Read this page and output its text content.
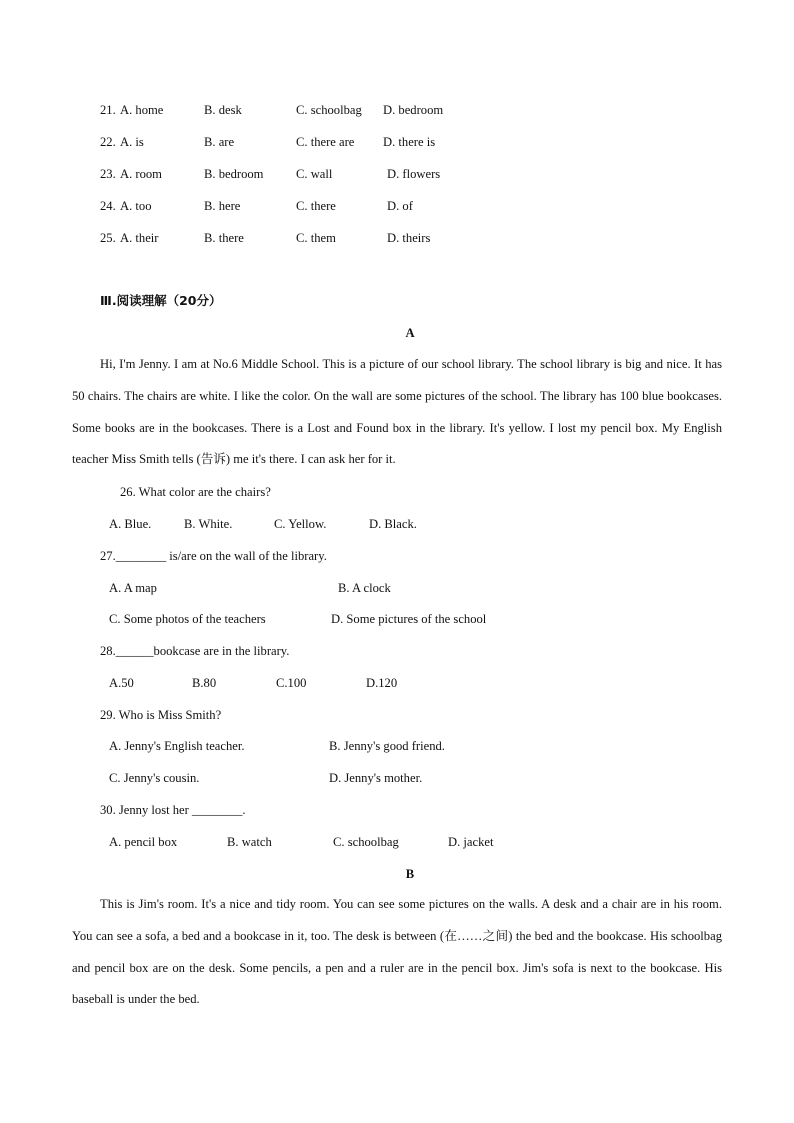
21. A. home	B. desk	C. schoolbag D. bedroom
22. A. is	B. are	C. there are D. there is
23. A. room	B. bedroom	C. wall	D. flowers
24. A. too	B. here	C. there	D. of
25. A. their	B. there	C. them	D. theirs
Ⅲ.阅读理解（20分）
A
Hi, I'm Jenny. I am at No.6 Middle School. This is a picture of our school library. The school library is big and nice. It has 50 chairs. The chairs are white. I like the color. On the wall are some pictures of the school. The library has 100 blue bookcases. Some books are in the bookcases. There is a Lost and Found box in the library. It's yellow. I lost my pencil box. My English teacher Miss Smith tells (告诉) me it's there. I can ask her for it.
26. What color are the chairs?
A. Blue.	B. White.	C. Yellow.	D. Black.
27.________ is/are on the wall of the library.
A. A map	B. A clock
C. Some photos of the teachers	D. Some pictures of the school
28.______bookcase are in the library.
A.50	B.80	C.100	D.120
29. Who is Miss Smith?
A. Jenny's English teacher.	B. Jenny's good friend.
C. Jenny's cousin.	D. Jenny's mother.
30. Jenny lost her ________.
A. pencil box	B. watch	C. schoolbag	D. jacket
B
This is Jim's room. It's a nice and tidy room. You can see some pictures on the walls. A desk and a chair are in his room. You can see a sofa, a bed and a bookcase in it, too. The desk is between (在……之间) the bed and the bookcase. His schoolbag and pencil box are on the desk. Some pencils, a pen and a ruler are in the pencil box. Jim's sofa is next to the bookcase. His baseball is under the bed.
